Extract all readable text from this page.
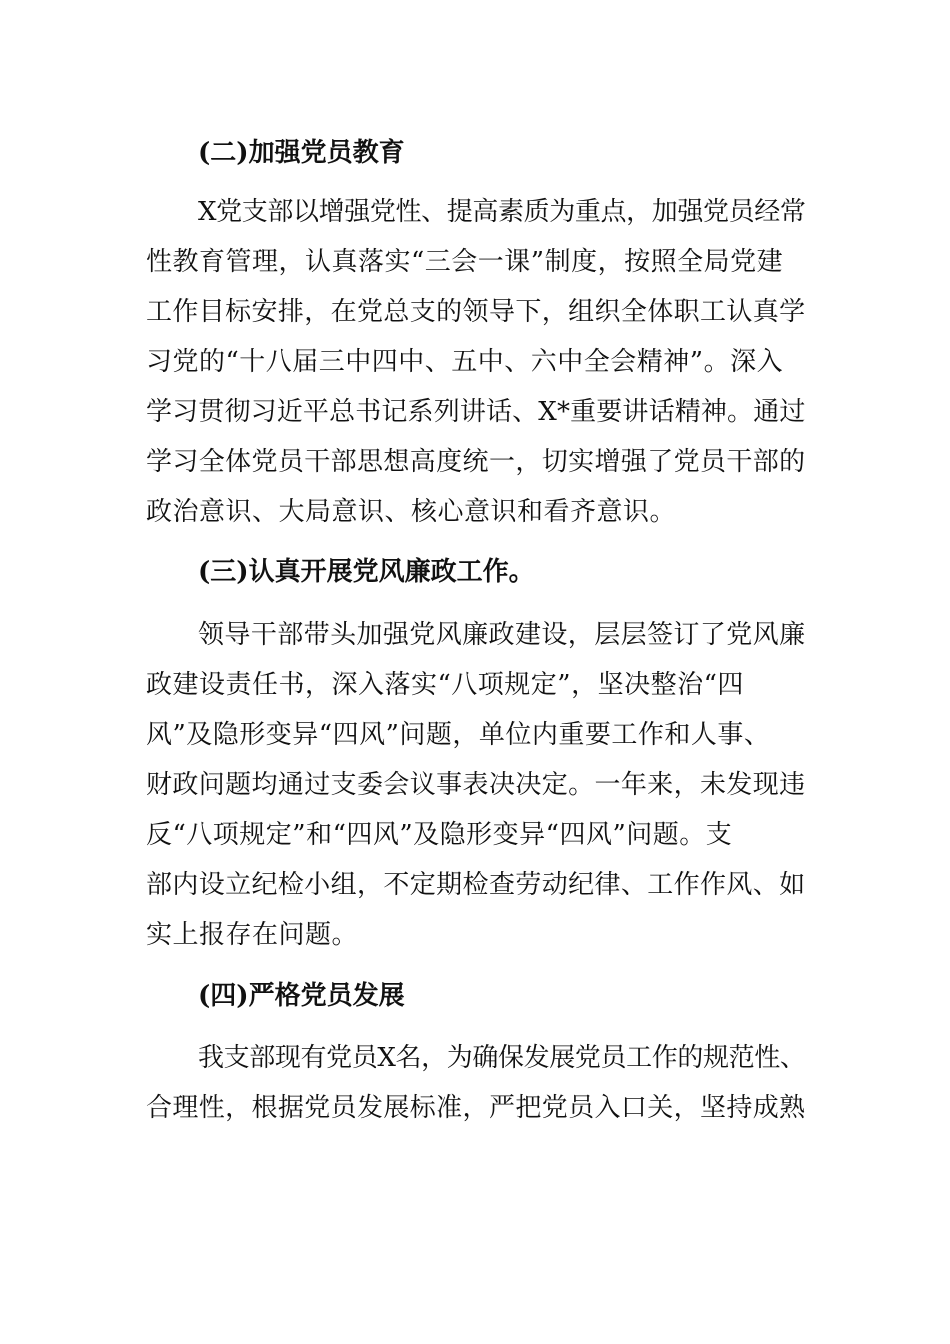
(二)加强党员教育
X党支部以增强党性、提高素质为重点，加强党员经常
性教育管理，认真落实“三会一课”制度，按照全局党建
工作目标安排，在党总支的领导下，组织全体职工认真学
习党的“十八届三中四中、五中、六中全会精神”。深入
学习贯彻习近平总书记系列讲话、X*重要讲话精神。通过
学习全体党员干部思想高度统一，切实增强了党员干部的
政治意识、大局意识、核心意识和看齐意识。
(三)认真开展党风廉政工作。
领导干部带头加强党风廉政建设，层层签订了党风廉
政建设责任书，深入落实“八项规定”，坚决整治“四
风”及隐形变异“四风”问题，单位内重要工作和人事、
财政问题均通过支委会议事表决决定。一年来，未发现违
反“八项规定”和“四风”及隐形变异“四风”问题。支
部内设立纪检小组，不定期检查劳动纪律、工作作风、如
实上报存在问题。
(四)严格党员发展
我支部现有党员X名，为确保发展党员工作的规范性、
合理性，根据党员发展标准，严把党员入口关，坚持成熟
